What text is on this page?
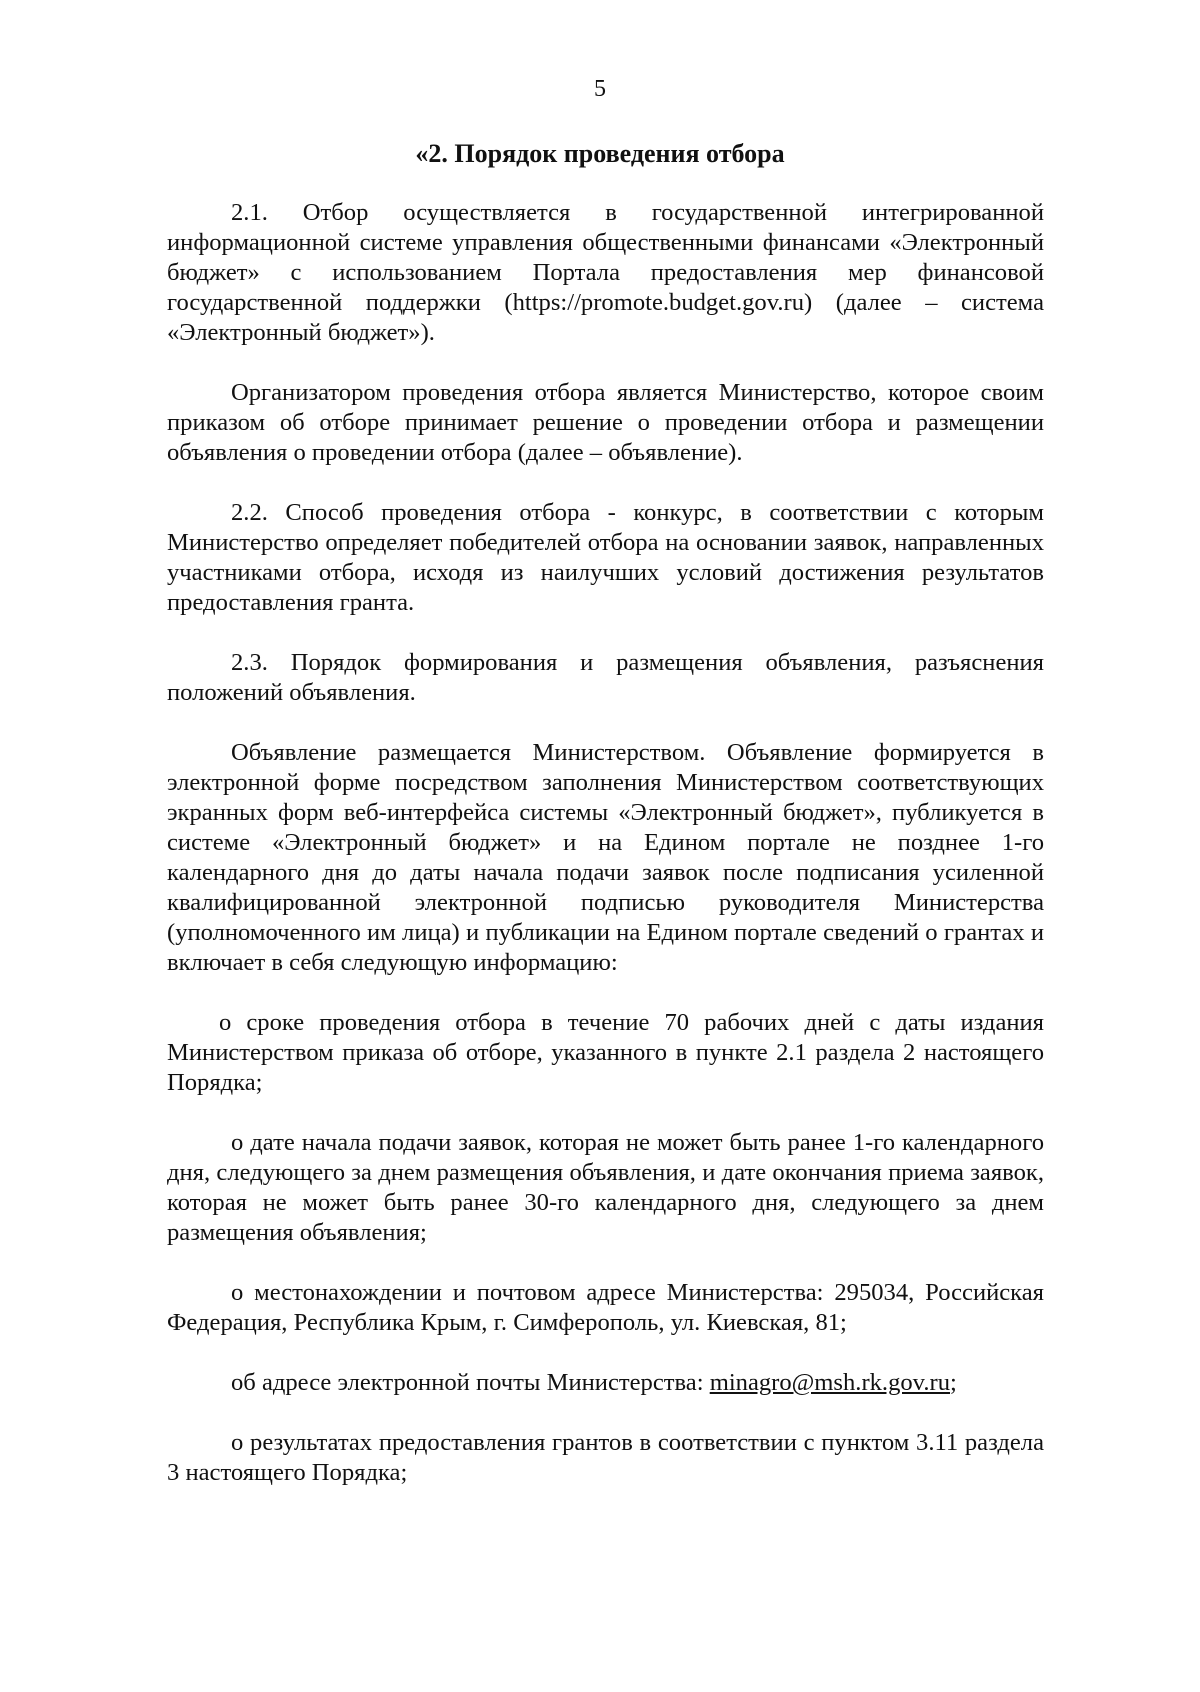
5
«2. Порядок проведения отбора

2.1. Отбор осуществляется в государственной интегрированной информационной системе управления общественными финансами «Электронный бюджет» с использованием Портала предоставления мер финансовой государственной поддержки (https://promote.budget.gov.ru) (далее – система «Электронный бюджет»).

Организатором проведения отбора является Министерство, которое своим приказом об отборе принимает решение о проведении отбора и размещении объявления о проведении отбора (далее – объявление).

2.2. Способ проведения отбора - конкурс, в соответствии с которым Министерство определяет победителей отбора на основании заявок, направленных участниками отбора, исходя из наилучших условий достижения результатов предоставления гранта.

2.3. Порядок формирования и размещения объявления, разъяснения положений объявления.

Объявление размещается Министерством. Объявление формируется в электронной форме посредством заполнения Министерством соответствующих экранных форм веб-интерфейса системы «Электронный бюджет», публикуется в системе «Электронный бюджет» и на Едином портале не позднее 1-го календарного дня до даты начала подачи заявок после подписания усиленной квалифицированной электронной подписью руководителя Министерства (уполномоченного им лица) и публикации на Едином портале сведений о грантах и включает в себя следующую информацию:

о сроке проведения отбора в течение 70 рабочих дней с даты издания Министерством приказа об отборе, указанного в пункте 2.1 раздела 2 настоящего Порядка;

о дате начала подачи заявок, которая не может быть ранее 1-го календарного дня, следующего за днем размещения объявления, и дате окончания приема заявок, которая не может быть ранее 30-го календарного дня, следующего за днем размещения объявления;

о местонахождении и почтовом адресе Министерства: 295034, Российская Федерация, Республика Крым, г. Симферополь, ул. Киевская, 81;

об адресе электронной почты Министерства: minagro@msh.rk.gov.ru;

о результатах предоставления грантов в соответствии с пунктом 3.11 раздела 3 настоящего Порядка;
